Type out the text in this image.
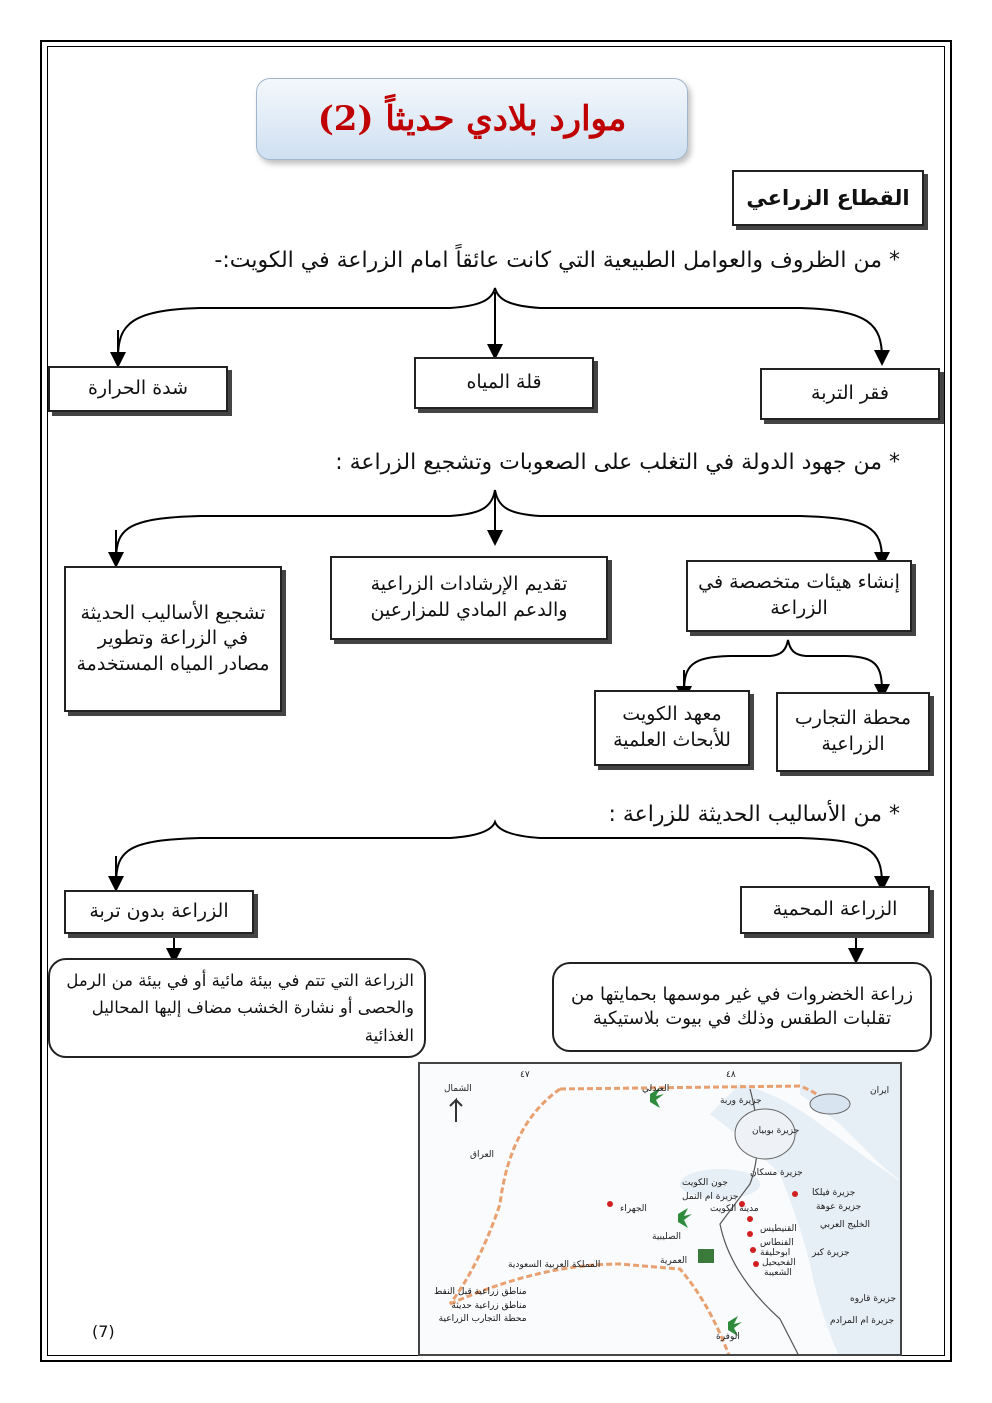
موارد بلادي حديثاً (2)
القطاع الزراعي
* من الظروف والعوامل الطبيعية التي كانت عائقاً امام الزراعة في الكويت:-
فقر التربة
قلة المياه
شدة الحرارة
* من جهود الدولة في التغلب على الصعوبات وتشجيع الزراعة :
إنشاء هيئات متخصصة في الزراعة
تقديم الإرشادات الزراعية والدعم المادي للمزارعين
تشجيع الأساليب الحديثة في الزراعة وتطوير مصادر المياه المستخدمة
محطة التجارب الزراعية
معهد الكويت للأبحاث العلمية
* من الأساليب الحديثة للزراعة :
الزراعة المحمية
الزراعة بدون تربة
زراعة الخضروات في غير موسمها بحمايتها من تقلبات الطقس وذلك في بيوت بلاستيكية
الزراعة التي تتم في بيئة مائية أو في بيئة من الرمل والحصى أو نشارة الخشب مضاف إليها المحاليل الغذائية
٤٧	٤٨
الشمال	العبدلي
جزيرة وربة
جزيرة بوبيان
العراق
ايران
جزيرة مسكان
جزيرة فيلكا
جزيرة عوهة
جون الكويت
جزيرة ام النمل
مدينة الكويت
الجهراء
الصليبية
العمرية
الخليج العربي
القنيطيس
الفنطاس
ابوحليفة
الفحيحيل
الشعيبة
جزيرة كبر
المملكة العربية السعودية
جزيرة قاروه
جزيرة ام المرادم
الوفرة
مناطق زراعية قبل النفط
مناطق زراعية حديثة
محطة التجارب الزراعية
(7)
